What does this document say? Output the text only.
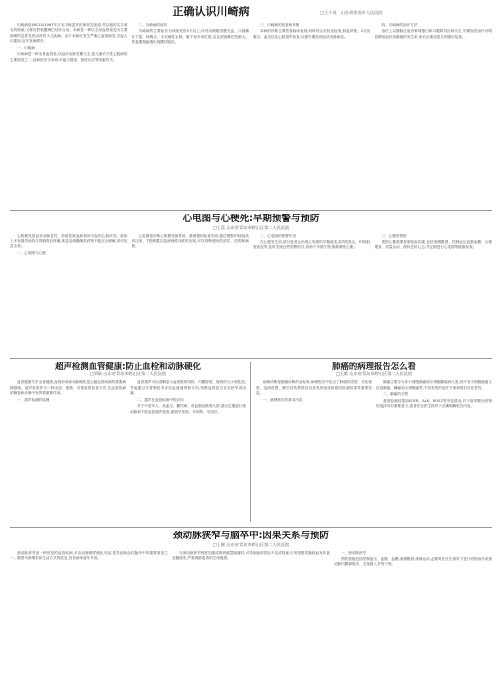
正确认识川崎病	□王小英　山东省荣成市人民医院

川崎病是(MCLS)1967年日本川崎富作医师首先报道,并以他的名字命名的疾病,又称皮肤粘膜淋巴结综合征。本病是一种以全身血管炎变为主要病理的急性发热出疹性小儿疾病。由于本病可发生严重心血管病变,引起人们重视,近年发病增多。

一、川崎病

川崎病是一种全身血管炎,以冠状动脉受累为主,是儿童后天性心脏病的主要原因之一,其病因至今未明,可能与感染、免疫反应等因素有关。

二、川崎病的症状

川崎病的主要症状为持续发热5天以上,伴有双侧眼结膜充血、口唇潮红干裂、杨梅舌、手足硬性水肿、躯干部多形红斑,以及颈部淋巴结肿大。恢复期指趾端出现膜状脱皮。

三、川崎病的检查和诊断

本病的诊断主要依靠临床表现,同时结合实验室检查,如血常规、C反应蛋白、血沉以及心脏超声检查,以便早期发现冠状动脉病变。

四、川崎病的治疗方法

治疗上以静脉注射丙种球蛋白和口服阿司匹林为主,早期规范治疗可明显降低冠状动脉瘤的发生率,家长应重视患儿的随访复查。

心电图与心梗死:早期预警与预防
□王富 山东省青岛市崂山区第二人民医院

心肌梗死是冠状动脉急性、持续性缺血缺氧所引起的心肌坏死。临床上多有剧烈而持久的胸骨后疼痛,休息及硝酸酯类药物不能完全缓解,常可危及生命。

一、心电图与心梗

心电图是诊断心肌梗死最常用、最便捷的检查手段,通过观察ST段抬高或压低、T波倒置以及病理性Q波的出现,可以判断梗死的部位、范围和病程。

二、心电图的预警作用

在心梗发生前,部分患者会出现心电图的早期改变,如T波高尖、ST段轻度改变等,及时发现这些预警信号,有助于早期干预,挽救濒死心肌。

三、心梗的预防

预防心梗需要控制危险因素,包括戒烟限酒、控制血压血脂血糖、合理膳食、适量运动、保持良好心态,并定期进行心电图等健康检查。

超声检测血管健康:防止血栓和动脉硬化
□刘新 山东省青岛市崂山区第二人民医院

血管健康关乎全身健康,血栓形成和动脉硬化是心脑血管疾病的重要病理基础。超声检查作为一种无创、便捷、可重复的检查方法,在血管疾病的筛查和诊断中发挥着重要作用。

一、超声检测的原理

血管超声可以清晰显示血管壁的结构、内膜厚度、斑块的大小和性质,并能通过多普勒技术评估血流速度和方向,判断血管是否存在狭窄或闭塞。

二、超声在血管疾病中的应用

对于中老年人、高血压、糖尿病、高血脂及吸烟人群,建议定期进行颈动脉和下肢血管超声检查,做到早发现、早诊断、早治疗。

肺癌的病理报告怎么看
□王维 山东省青岛市崂山区第二人民医院

病理诊断是肺癌诊断的金标准,病理报告中包含了肿瘤的类型、分化程度、浸润范围、淋巴结转移情况以及免疫组化和基因检测结果等重要信息。

一、病理报告的基本内容

肺癌主要分为非小细胞肺癌和小细胞肺癌两大类,其中非小细胞肺癌又包括腺癌、鳞癌和大细胞癌等,不同类型的治疗方案和预后存在差异。

二、肺癌的分型

基因检测结果如EGFR、ALK、ROS1等突变情况,对于指导靶向药物的选择具有重要意义,患者应在医生指导下正确理解报告内容。

颈动脉狭窄与脑卒中:因果关系与预防
□王颖 山东省青岛市崂山区第二人民医院

颈动脉狭窄是一种常见的血管疾病,多由动脉粥样硬化引起,是导致缺血性脑卒中的重要原因之一。随着年龄增长和生活方式的改变,其发病率逐年升高。

当颈动脉狭窄程度加重或斑块破裂脱落时,可导致脑部供血不足或栓塞,引发短暂性脑缺血发作甚至脑梗死,严重威胁患者的生命健康。

一、颈动脉狭窄

预防措施包括控制血压、血脂、血糖,戒烟限酒,规律运动,必要时在医生指导下进行药物治疗或颈动脉内膜剥脱术、支架植入术等干预。
